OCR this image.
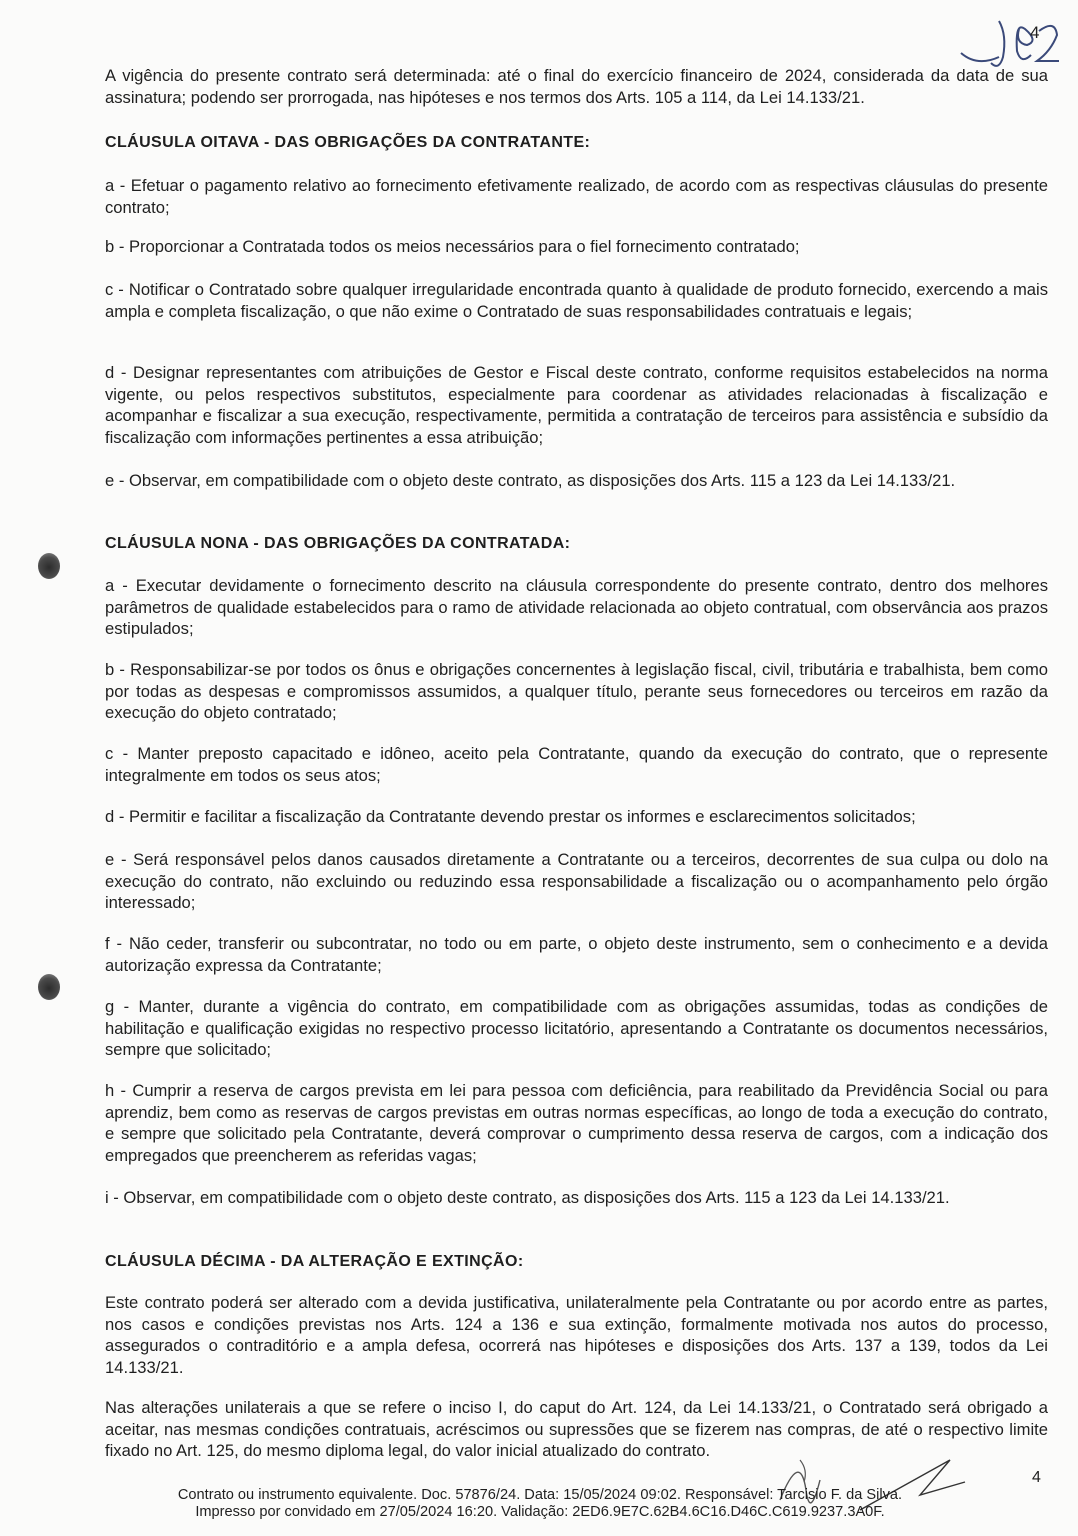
4

A vigência do presente contrato será determinada: até o final do exercício financeiro de 2024, considerada da data de sua assinatura; podendo ser prorrogada, nas hipóteses e nos termos dos Arts. 105 a 114, da Lei 14.133/21.

CLÁUSULA OITAVA - DAS OBRIGAÇÕES DA CONTRATANTE:

a - Efetuar o pagamento relativo ao fornecimento efetivamente realizado, de acordo com as respectivas cláusulas do presente contrato;

b - Proporcionar a Contratada todos os meios necessários para o fiel fornecimento contratado;

c - Notificar o Contratado sobre qualquer irregularidade encontrada quanto à qualidade de produto fornecido, exercendo a mais ampla e completa fiscalização, o que não exime o Contratado de suas responsabilidades contratuais e legais;

d - Designar representantes com atribuições de Gestor e Fiscal deste contrato, conforme requisitos estabelecidos na norma vigente, ou pelos respectivos substitutos, especialmente para coordenar as atividades relacionadas à fiscalização e acompanhar e fiscalizar a sua execução, respectivamente, permitida a contratação de terceiros para assistência e subsídio da fiscalização com informações pertinentes a essa atribuição;

e - Observar, em compatibilidade com o objeto deste contrato, as disposições dos Arts. 115 a 123 da Lei 14.133/21.

CLÁUSULA NONA - DAS OBRIGAÇÕES DA CONTRATADA:

a - Executar devidamente o fornecimento descrito na cláusula correspondente do presente contrato, dentro dos melhores parâmetros de qualidade estabelecidos para o ramo de atividade relacionada ao objeto contratual, com observância aos prazos estipulados;

b - Responsabilizar-se por todos os ônus e obrigações concernentes à legislação fiscal, civil, tributária e trabalhista, bem como por todas as despesas e compromissos assumidos, a qualquer título, perante seus fornecedores ou terceiros em razão da execução do objeto contratado;

c - Manter preposto capacitado e idôneo, aceito pela Contratante, quando da execução do contrato, que o represente integralmente em todos os seus atos;

d - Permitir e facilitar a fiscalização da Contratante devendo prestar os informes e esclarecimentos solicitados;

e - Será responsável pelos danos causados diretamente a Contratante ou a terceiros, decorrentes de sua culpa ou dolo na execução do contrato, não excluindo ou reduzindo essa responsabilidade a fiscalização ou o acompanhamento pelo órgão interessado;

f - Não ceder, transferir ou subcontratar, no todo ou em parte, o objeto deste instrumento, sem o conhecimento e a devida autorização expressa da Contratante;

g - Manter, durante a vigência do contrato, em compatibilidade com as obrigações assumidas, todas as condições de habilitação e qualificação exigidas no respectivo processo licitatório, apresentando a Contratante os documentos necessários, sempre que solicitado;

h - Cumprir a reserva de cargos prevista em lei para pessoa com deficiência, para reabilitado da Previdência Social ou para aprendiz, bem como as reservas de cargos previstas em outras normas específicas, ao longo de toda a execução do contrato, e sempre que solicitado pela Contratante, deverá comprovar o cumprimento dessa reserva de cargos, com a indicação dos empregados que preencherem as referidas vagas;

i - Observar, em compatibilidade com o objeto deste contrato, as disposições dos Arts. 115 a 123 da Lei 14.133/21.

CLÁUSULA DÉCIMA - DA ALTERAÇÃO E EXTINÇÃO:

Este contrato poderá ser alterado com a devida justificativa, unilateralmente pela Contratante ou por acordo entre as partes, nos casos e condições previstas nos Arts. 124 a 136 e sua extinção, formalmente motivada nos autos do processo, assegurados o contraditório e a ampla defesa, ocorrerá nas hipóteses e disposições dos Arts. 137 a 139, todos da Lei 14.133/21.

Nas alterações unilaterais a que se refere o inciso I, do caput do Art. 124, da Lei 14.133/21, o Contratado será obrigado a aceitar, nas mesmas condições contratuais, acréscimos ou supressões que se fizerem nas compras, de até o respectivo limite fixado no Art. 125, do mesmo diploma legal, do valor inicial atualizado do contrato.

Contrato ou instrumento equivalente. Doc. 57876/24. Data: 15/05/2024 09:02. Responsável: Tarcisio F. da Silva.

Impresso por convidado em 27/05/2024 16:20. Validação: 2ED6.9E7C.62B4.6C16.D46C.C619.9237.3A0F.

4
